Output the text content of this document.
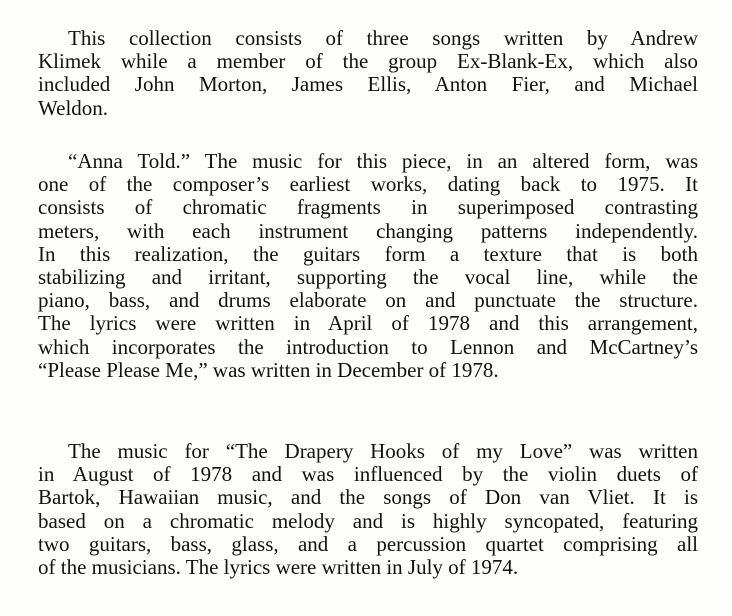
This collection consists of three songs written by Andrew
Klimek while a member of the group Ex-Blank-Ex, which also
included John Morton, James Ellis, Anton Fier, and Michael
Weldon.

“Anna Told.” The music for this piece, in an altered form, was
one of the composer’s earliest works, dating back to 1975. It
consists of chromatic fragments in superimposed contrasting
meters, with each instrument changing patterns independently.
In this realization, the guitars form a texture that is both
stabilizing and irritant, supporting the vocal line, while the
piano, bass, and drums elaborate on and punctuate the structure.
The lyrics were written in April of 1978 and this arrangement,
which incorporates the introduction to Lennon and McCartney’s
“Please Please Me,” was written in December of 1978.

The music for “The Drapery Hooks of my Love” was written
in August of 1978 and was influenced by the violin duets of
Bartok, Hawaiian music, and the songs of Don van Vliet. It is
based on a chromatic melody and is highly syncopated, featuring
two guitars, bass, glass, and a percussion quartet comprising all
of the musicians. The lyrics were written in July of 1974.
